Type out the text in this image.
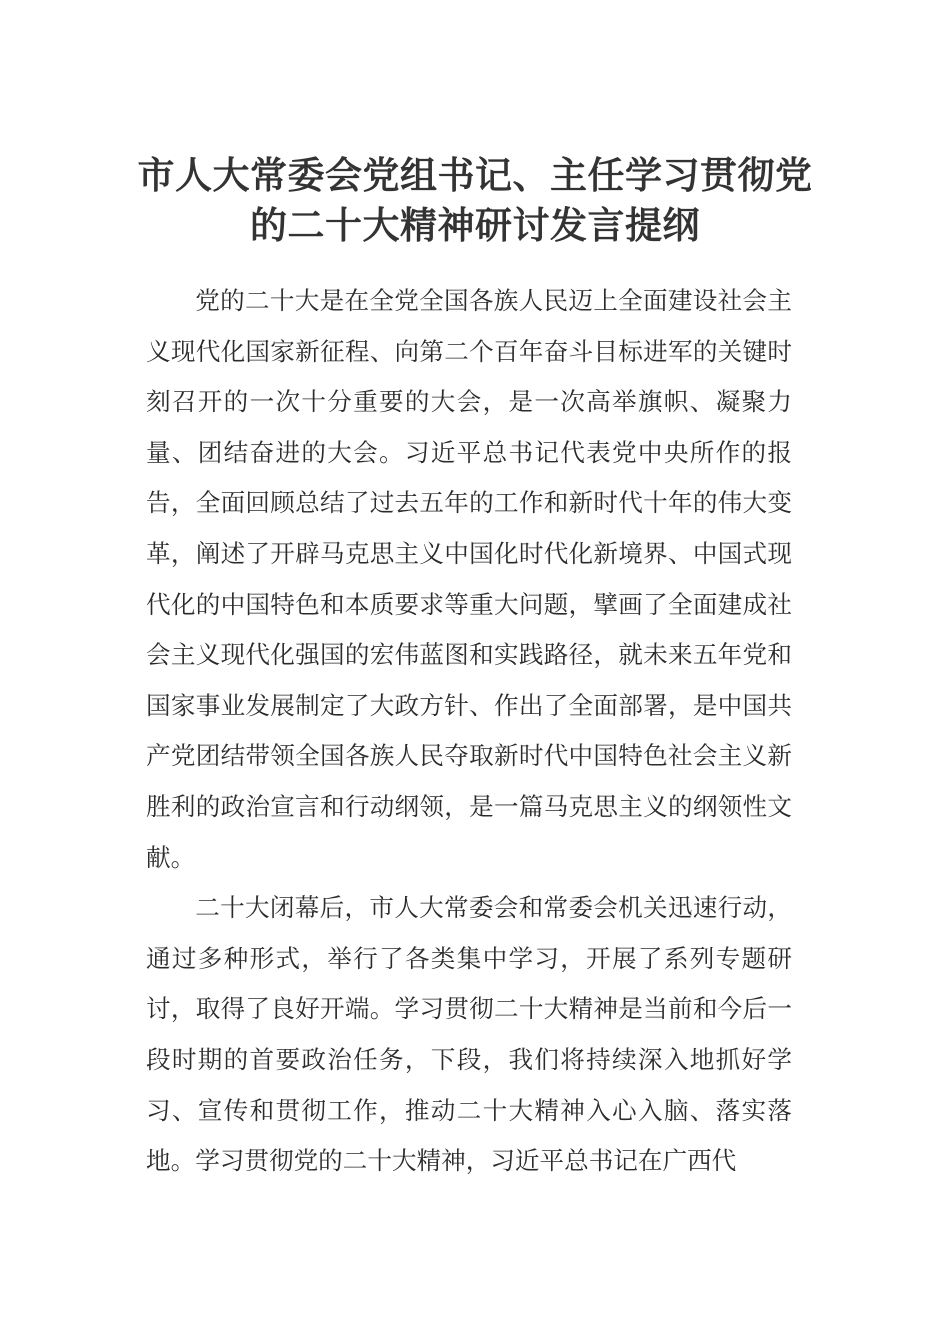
市人大常委会党组书记、主任学习贯彻党
的二十大精神研讨发言提纲

党的二十大是在全党全国各族人民迈上全面建设社会主义现代化国家新征程、向第二个百年奋斗目标进军的关键时刻召开的一次十分重要的大会，是一次高举旗帜、凝聚力量、团结奋进的大会。习近平总书记代表党中央所作的报告，全面回顾总结了过去五年的工作和新时代十年的伟大变革，阐述了开辟马克思主义中国化时代化新境界、中国式现代化的中国特色和本质要求等重大问题，擘画了全面建成社会主义现代化强国的宏伟蓝图和实践路径，就未来五年党和国家事业发展制定了大政方针、作出了全面部署，是中国共产党团结带领全国各族人民夺取新时代中国特色社会主义新胜利的政治宣言和行动纲领，是一篇马克思主义的纲领性文献。

二十大闭幕后，市人大常委会和常委会机关迅速行动，通过多种形式，举行了各类集中学习，开展了系列专题研讨，取得了良好开端。学习贯彻二十大精神是当前和今后一段时期的首要政治任务，下段，我们将持续深入地抓好学习、宣传和贯彻工作，推动二十大精神入心入脑、落实落地。学习贯彻党的二十大精神，习近平总书记在广西代
